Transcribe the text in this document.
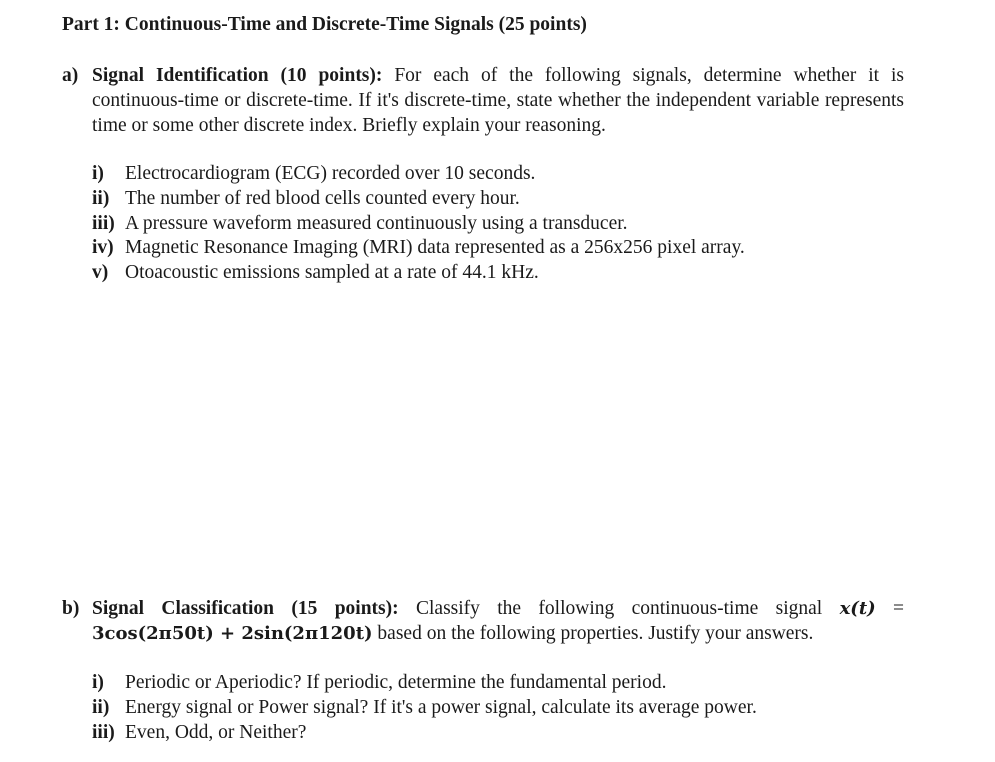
Part 1: Continuous-Time and Discrete-Time Signals (25 points)
a) Signal Identification (10 points): For each of the following signals, determine whether it is continuous-time or discrete-time. If it's discrete-time, state whether the independent variable represents time or some other discrete index. Briefly explain your reasoning.
i) Electrocardiogram (ECG) recorded over 10 seconds.
ii) The number of red blood cells counted every hour.
iii) A pressure waveform measured continuously using a transducer.
iv) Magnetic Resonance Imaging (MRI) data represented as a 256x256 pixel array.
v) Otoacoustic emissions sampled at a rate of 44.1 kHz.
b) Signal Classification (15 points): Classify the following continuous-time signal x(t) = 3cos(2π50t) + 2sin(2π120t) based on the following properties. Justify your answers.
i) Periodic or Aperiodic? If periodic, determine the fundamental period.
ii) Energy signal or Power signal? If it's a power signal, calculate its average power.
iii) Even, Odd, or Neither?
